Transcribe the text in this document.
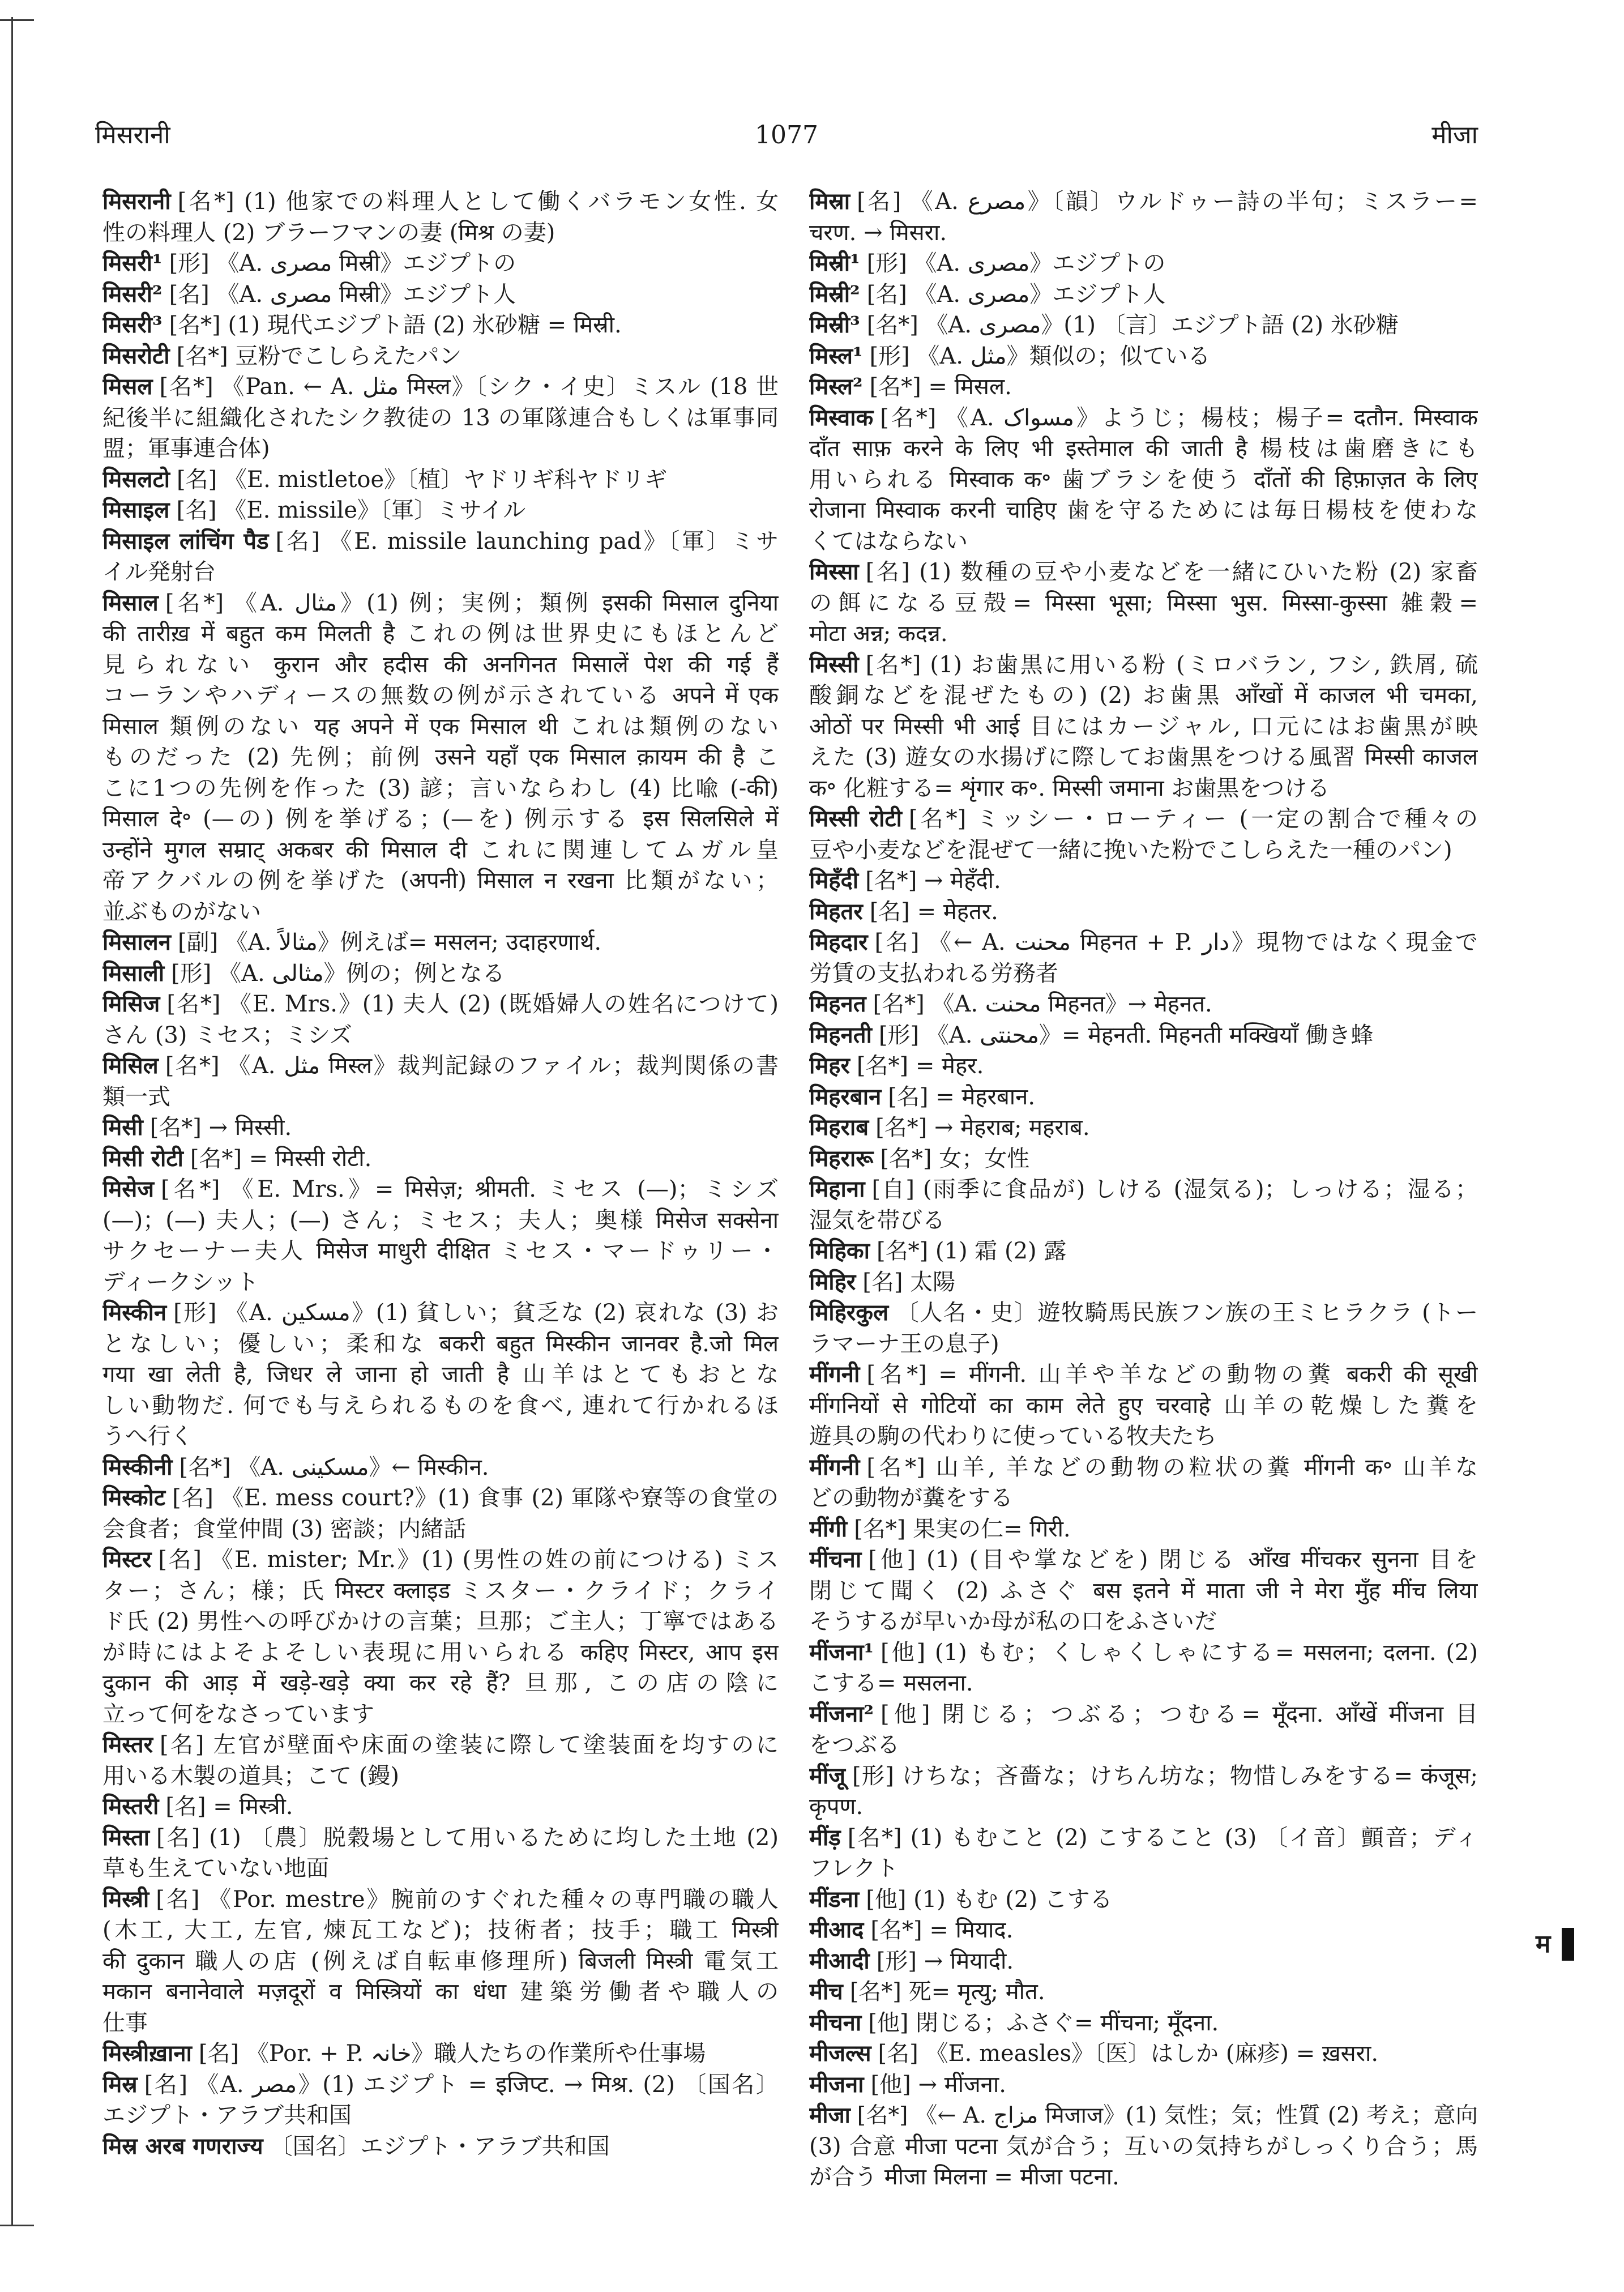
मिसरानी	1077	मीजा
मिसरानी [名*] (1) 他家での料理人として働くバラモン女性. 女
性の料理人 (2) ブラーフマンの妻 (मिश्र の妻)
मिसरी¹ [形] 《A. مصری मिस्री》エジプトの
मिसरी² [名] 《A. مصری मिस्री》エジプト人
मिसरी³ [名*] (1) 現代エジプト語 (2) 氷砂糖 = मिस्री.
मिसरोटी [名*] 豆粉でこしらえたパン
मिसल [名*] 《Pan. ← A. مثل मिस्ल》〔シク・イ史〕ミスル (18 世
紀後半に組織化されたシク教徒の 13 の軍隊連合もしくは軍事同
盟；軍事連合体)
मिसलटो [名] 《E. mistletoe》〔植〕ヤドリギ科ヤドリギ
मिसाइल [名] 《E. missile》〔軍〕ミサイル
मिसाइल लांचिंग पैड [名] 《E. missile launching pad》〔軍〕ミサ
イル発射台
मिसाल [名*] 《A. مثال》(1) 例；実例；類例 इसकी मिसाल दुनिया
की तारीख़ में बहुत कम मिलती है これの例は世界史にもほとんど
見られない कुरान और हदीस की अनगिनत मिसालें पेश की गई हैं
コーランやハディースの無数の例が示されている अपने में एक
मिसाल 類例のない यह अपने में एक मिसाल थी これは類例のない
ものだった (2) 先例；前例 उसने यहाँ एक मिसाल क़ायम की है こ
こに1つの先例を作った (3) 諺；言いならわし (4) 比喩 (-की)
मिसाल दे॰ (—の) 例を挙げる；(—を) 例示する इस सिलसिले में
उन्होंने मुगल सम्राट् अकबर की मिसाल दी これに関連してムガル皇
帝アクバルの例を挙げた (अपनी) मिसाल न रखना 比類がない；
並ぶものがない
मिसालन [副] 《A. مثالاً》例えば= मसलन; उदाहरणार्थ.
मिसाली [形] 《A. مثالی》例の；例となる
मिसिज [名*] 《E. Mrs.》(1) 夫人 (2) (既婚婦人の姓名につけて)
さん (3) ミセス；ミシズ
मिसिल [名*] 《A. مثل मिस्ल》裁判記録のファイル；裁判関係の書
類一式
मिसी [名*] → मिस्सी.
मिसी रोटी [名*] = मिस्सी रोटी.
मिसेज [名*] 《E. Mrs.》= मिसेज़; श्रीमती. ミセス (—)；ミシズ
(—)；(—) 夫人；(—) さん；ミセス；夫人；奥様 मिसेज सक्सेना
サクセーナー夫人 मिसेज माधुरी दीक्षित ミセス・マードゥリー・
ディークシット
मिस्कीन [形] 《A. مسکین》(1) 貧しい；貧乏な (2) 哀れな (3) お
となしい；優しい；柔和な बकरी बहुत मिस्कीन जानवर है.जो मिल
गया खा लेती है, जिधर ले जाना हो जाती है 山羊はとてもおとな
しい動物だ. 何でも与えられるものを食べ, 連れて行かれるほ
うへ行く
मिस्कीनी [名*] 《A. مسکینی》← मिस्कीन.
मिस्कोट [名] 《E. mess court?》(1) 食事 (2) 軍隊や寮等の食堂の
会食者；食堂仲間 (3) 密談；内緒話
मिस्टर [名] 《E. mister; Mr.》(1) (男性の姓の前につける) ミス
ター；さん；様；氏 मिस्टर क्लाइड ミスター・クライド；クライ
ド氏 (2) 男性への呼びかけの言葉；旦那；ご主人；丁寧ではある
が時にはよそよそしい表現に用いられる कहिए मिस्टर, आप इस
दुकान की आड़ में खड़े-खड़े क्या कर रहे हैं? 旦那, この店の陰に
立って何をなさっています
मिस्तर [名] 左官が壁面や床面の塗装に際して塗装面を均すのに
用いる木製の道具；こて (鏝)
मिस्तरी [名] = मिस्त्री.
मिस्ता [名] (1) 〔農〕脱穀場として用いるために均した土地 (2)
草も生えていない地面
मिस्त्री [名] 《Por. mestre》腕前のすぐれた種々の専門職の職人
(木工, 大工, 左官, 煉瓦工など)；技術者；技手；職工 मिस्त्री
की दुकान 職人の店 (例えば自転車修理所) बिजली मिस्त्री 電気工
मकान बनानेवाले मज़दूरों व मिस्त्रियों का धंधा 建築労働者や職人の
仕事
मिस्त्रीख़ाना [名] 《Por. + P. خانہ》職人たちの作業所や仕事場
मिस्र [名] 《A. مصر》(1) エジプト = इजिप्ट. → मिश्र. (2) 〔国名〕
エジプト・アラブ共和国
मिस्र अरब गणराज्य 〔国名〕エジプト・アラブ共和国
मिस्रा [名] 《A. مصرع》〔韻〕ウルドゥー詩の半句；ミスラー=
चरण. → मिसरा.
मिस्री¹ [形] 《A. مصری》エジプトの
मिस्री² [名] 《A. مصری》エジプト人
मिस्री³ [名*] 《A. مصری》(1) 〔言〕エジプト語 (2) 氷砂糖
मिस्ल¹ [形] 《A. مثل》類似の；似ている
मिस्ल² [名*] = मिसल.
मिस्वाक [名*] 《A. مسواک》ようじ；楊枝；楊子= दतौन. मिस्वाक
दाँत साफ़ करने के लिए भी इस्तेमाल की जाती है 楊枝は歯磨きにも
用いられる मिस्वाक क॰ 歯ブラシを使う दाँतों की हिफ़ाज़त के लिए
रोजाना मिस्वाक करनी चाहिए 歯を守るためには毎日楊枝を使わな
くてはならない
मिस्सा [名] (1) 数種の豆や小麦などを一緒にひいた粉 (2) 家畜
の餌になる豆殻= मिस्सा भूसा; मिस्सा भुस. मिस्सा-कुस्सा 雑穀=
मोटा अन्न; कदन्न.
मिस्सी [名*] (1) お歯黒に用いる粉 (ミロバラン, フシ, 鉄屑, 硫
酸銅などを混ぜたもの) (2) お歯黒 आँखों में काजल भी चमका,
ओठों पर मिस्सी भी आई 目にはカージャル, 口元にはお歯黒が映
えた (3) 遊女の水揚げに際してお歯黒をつける風習 मिस्सी काजल
क॰ 化粧する= शृंगार क॰. मिस्सी जमाना お歯黒をつける
मिस्सी रोटी [名*] ミッシー・ローティー (一定の割合で種々の
豆や小麦などを混ぜて一緒に挽いた粉でこしらえた一種のパン)
मिहँदी [名*] → मेहँदी.
मिहतर [名] = मेहतर.
मिहदार [名] 《← A. محنت मिहनत + P. دار》現物ではなく現金で
労賃の支払われる労務者
मिहनत [名*] 《A. محنت मिहनत》→ मेहनत.
मिहनती [形] 《A. محنتی》= मेहनती. मिहनती मक्खियाँ 働き蜂
मिहर [名*] = मेहर.
मिहरबान [名] = मेहरबान.
मिहराब [名*] → मेहराब; महराब.
मिहरारू [名*] 女；女性
मिहाना [自] (雨季に食品が) しける (湿気る)；しっける；湿る；
湿気を帯びる
मिहिका [名*] (1) 霜 (2) 露
मिहिर [名] 太陽
मिहिरकुल 〔人名・史〕遊牧騎馬民族フン族の王ミヒラクラ (トー
ラマーナ王の息子)
मींगनी [名*] = मींगनी. 山羊や羊などの動物の糞 बकरी की सूखी
मींगनियों से गोटियों का काम लेते हुए चरवाहे 山羊の乾燥した糞を
遊具の駒の代わりに使っている牧夫たち
मींगनी [名*] 山羊, 羊などの動物の粒状の糞 मींगनी क॰ 山羊な
どの動物が糞をする
मींगी [名*] 果実の仁= गिरी.
मींचना [他] (1) (目や掌などを) 閉じる आँख मींचकर सुनना 目を
閉じて聞く (2) ふさぐ बस इतने में माता जी ने मेरा मुँह मींच लिया
そうするが早いか母が私の口をふさいだ
मींजना¹ [他] (1) もむ；くしゃくしゃにする= मसलना; दलना. (2)
こする= मसलना.
मींजना² [他] 閉じる；つぶる；つむる= मूँदना. आँखें मींजना 目
をつぶる
मींजू [形] けちな；吝嗇な；けちん坊な；物惜しみをする= कंजूस;
कृपण.
मींड़ [名*] (1) もむこと (2) こすること (3) 〔イ音〕顫音；ディ
フレクト
मींडना [他] (1) もむ (2) こする
मीआद [名*] = मियाद.
मीआदी [形] → मियादी.
मीच [名*] 死= मृत्यु; मौत.
मीचना [他] 閉じる；ふさぐ= मींचना; मूँदना.
मीजल्स [名] 《E. measles》〔医〕はしか (麻疹) = ख़सरा.
मीजना [他] → मींजना.
मीजा [名*] 《← A. مزاج मिजाज》(1) 気性；気；性質 (2) 考え；意向
(3) 合意 मीजा पटना 気が合う；互いの気持ちがしっくり合う；馬
が合う मीजा मिलना = मीजा पटना.
म
